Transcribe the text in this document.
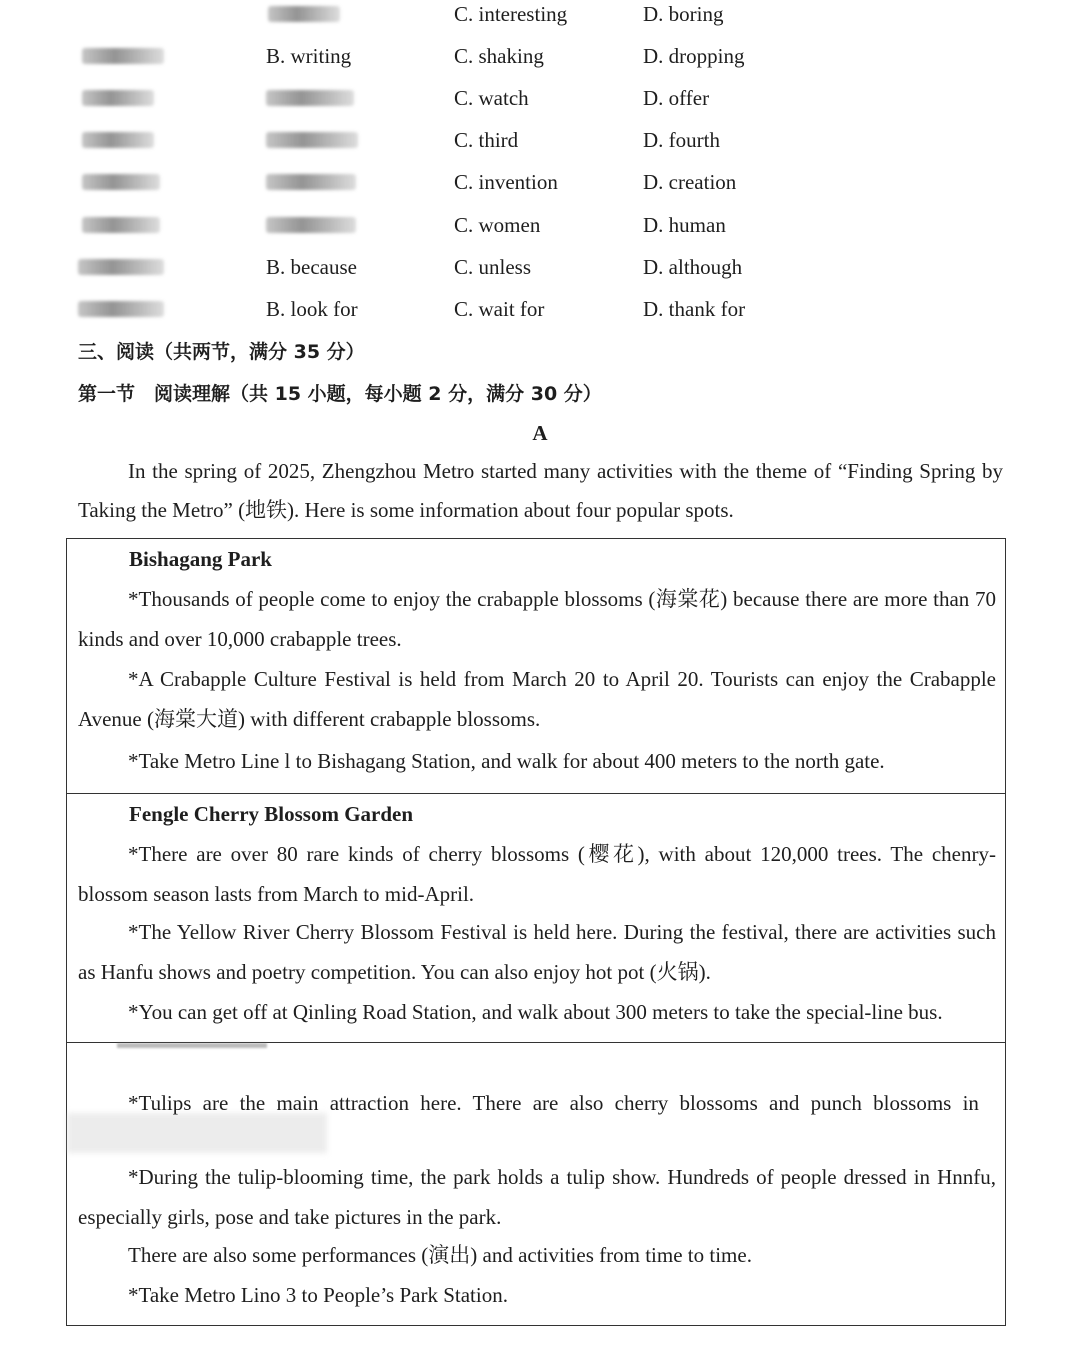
C. interesting	D. boring
B. writing	C. shaking	D. dropping
C. watch	D. offer
C. third	D. fourth
C. invention	D. creation
C. women	D. human
B. because	C. unless	D. although
B. look for	C. wait for	D. thank for
三、阅读（共两节，满分 35 分）
第一节　阅读理解（共 15 小题，每小题 2 分，满分 30 分）
A

In the spring of 2025, Zhengzhou Metro started many activities with the theme of “Finding Spring by Taking the Metro” (地铁). Here is some information about four popular spots.

Bishagang Park

*Thousands of people come to enjoy the crabapple blossoms (海棠花) because there are more than 70 kinds and over 10,000 crabapple trees.

*A Crabapple Culture Festival is held from March 20 to April 20. Tourists can enjoy the Crabapple Avenue (海棠大道) with different crabapple blossoms.

*Take Metro Line l to Bishagang Station, and walk for about 400 meters to the north gate.

Fengle Cherry Blossom Garden

*There are over 80 rare kinds of cherry blossoms (樱花), with about 120,000 trees. The chenry-blossom season lasts from March to mid-April.

*The Yellow River Cherry Blossom Festival is held here. During the festival, there are activities such as Hanfu shows and poetry competition. You can also enjoy hot pot (火锅).

*You can get off at Qinling Road Station, and walk about 300 meters to take the special-line bus.

*Tulips are the main attraction here. There are also cherry blossoms and punch blossoms in

*During the tulip-blooming time, the park holds a tulip show. Hundreds of people dressed in Hnnfu, especially girls, pose and take pictures in the park.

There are also some performances (演出) and activities from time to time.

*Take Metro Lino 3 to People’s Park Station.
